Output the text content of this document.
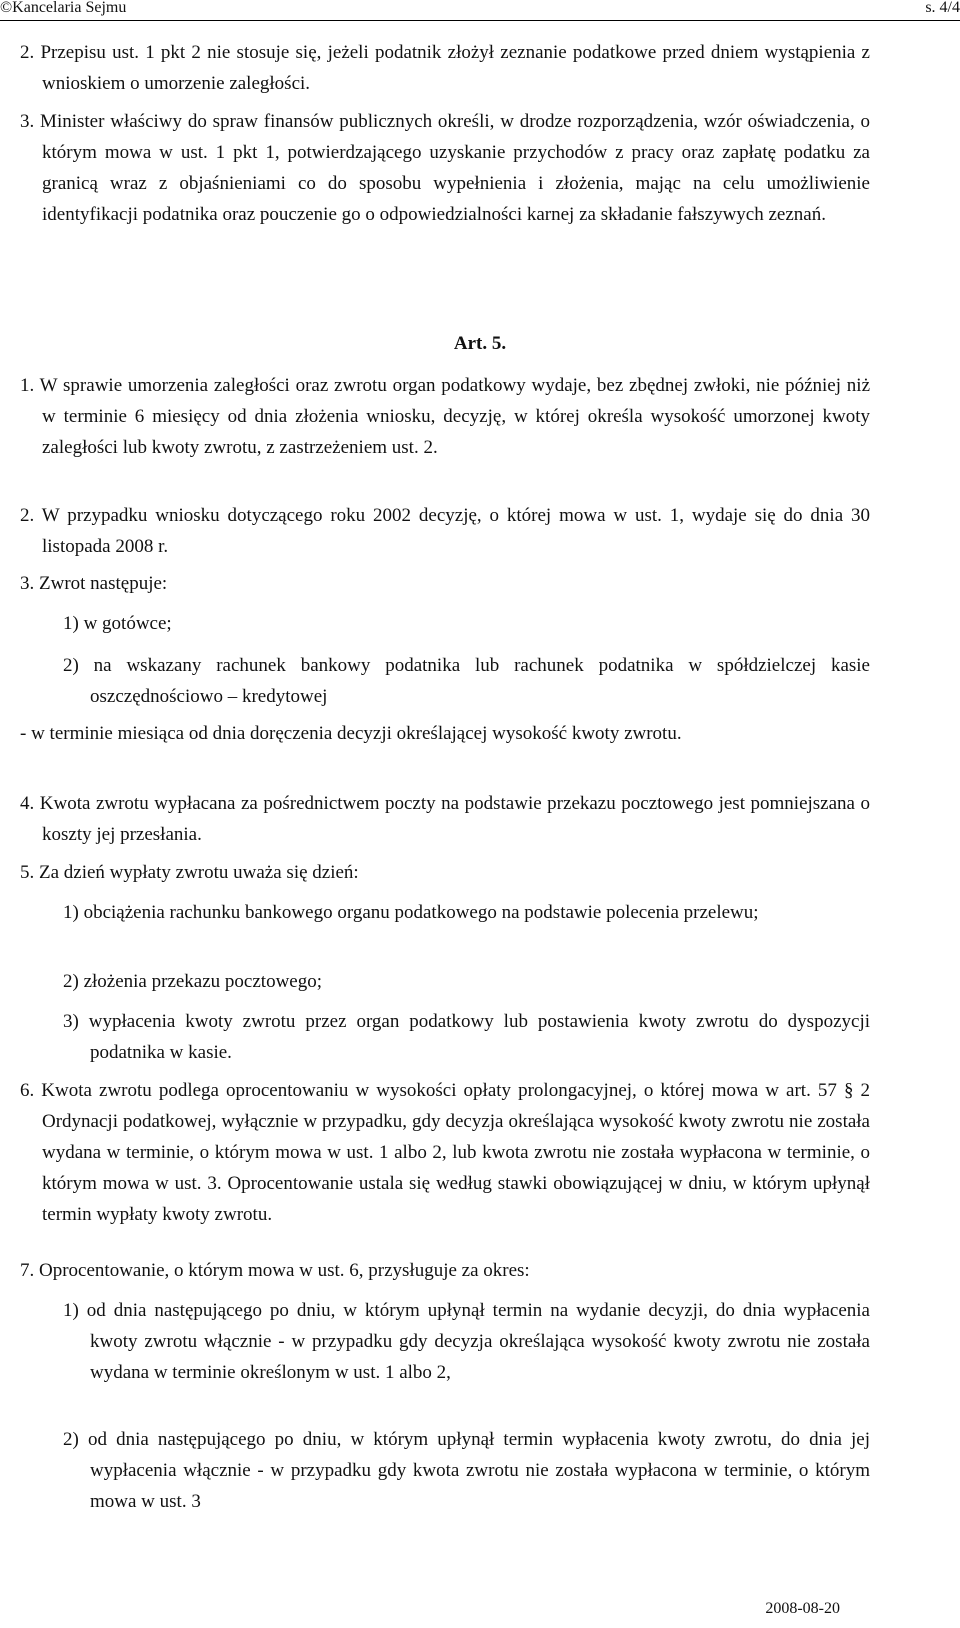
©Kancelaria Sejmu	s. 4/4
2. Przepisu ust. 1 pkt 2 nie stosuje się, jeżeli podatnik złożył zeznanie podatkowe przed dniem wystąpienia z wnioskiem o umorzenie zaległości.
3. Minister właściwy do spraw finansów publicznych określi, w drodze rozporządzenia, wzór oświadczenia, o którym mowa w ust. 1 pkt 1, potwierdzającego uzyskanie przychodów z pracy oraz zapłatę podatku za granicą wraz z objaśnieniami co do sposobu wypełnienia i złożenia, mając na celu umożliwienie identyfikacji podatnika oraz pouczenie go o odpowiedzialności karnej za składanie fałszywych zeznań.
Art. 5.
1. W sprawie umorzenia zaległości oraz zwrotu organ podatkowy wydaje, bez zbędnej zwłoki, nie później niż w terminie 6 miesięcy od dnia złożenia wniosku, decyzję, w której określa wysokość umorzonej kwoty zaległości lub kwoty zwrotu, z zastrzeżeniem ust. 2.
2. W przypadku wniosku dotyczącego roku 2002 decyzję, o której mowa w ust. 1, wydaje się do dnia 30 listopada 2008 r.
3. Zwrot następuje:
1) w gotówce;
2) na wskazany rachunek bankowy podatnika lub rachunek podatnika w spółdzielczej kasie oszczędnościowo – kredytowej
- w terminie miesiąca od dnia doręczenia decyzji określającej wysokość kwoty zwrotu.
4. Kwota zwrotu wypłacana za pośrednictwem poczty na podstawie przekazu pocztowego jest pomniejszana o koszty jej przesłania.
5. Za dzień wypłaty zwrotu uważa się dzień:
1) obciążenia rachunku bankowego organu podatkowego na podstawie polecenia przelewu;
2) złożenia przekazu pocztowego;
3) wypłacenia kwoty zwrotu przez organ podatkowy lub postawienia kwoty zwrotu do dyspozycji podatnika w kasie.
6. Kwota zwrotu podlega oprocentowaniu w wysokości opłaty prolongacyjnej, o której mowa w art. 57 § 2 Ordynacji podatkowej, wyłącznie w przypadku, gdy decyzja określająca wysokość kwoty zwrotu nie została wydana w terminie, o którym mowa w ust. 1 albo 2, lub kwota zwrotu nie została wypłacona w terminie, o którym mowa w ust. 3. Oprocentowanie ustala się według stawki obowiązującej w dniu, w którym upłynął termin wypłaty kwoty zwrotu.
7. Oprocentowanie, o którym mowa w ust. 6, przysługuje za okres:
1) od dnia następującego po dniu, w którym upłynął termin na wydanie decyzji, do dnia wypłacenia kwoty zwrotu włącznie - w przypadku gdy decyzja określająca wysokość kwoty zwrotu nie została wydana w terminie określonym w ust. 1 albo 2,
2) od dnia następującego po dniu, w którym upłynął termin wypłacenia kwoty zwrotu, do dnia jej wypłacenia włącznie - w przypadku gdy kwota zwrotu nie została wypłacona w terminie, o którym mowa w ust. 3
2008-08-20
